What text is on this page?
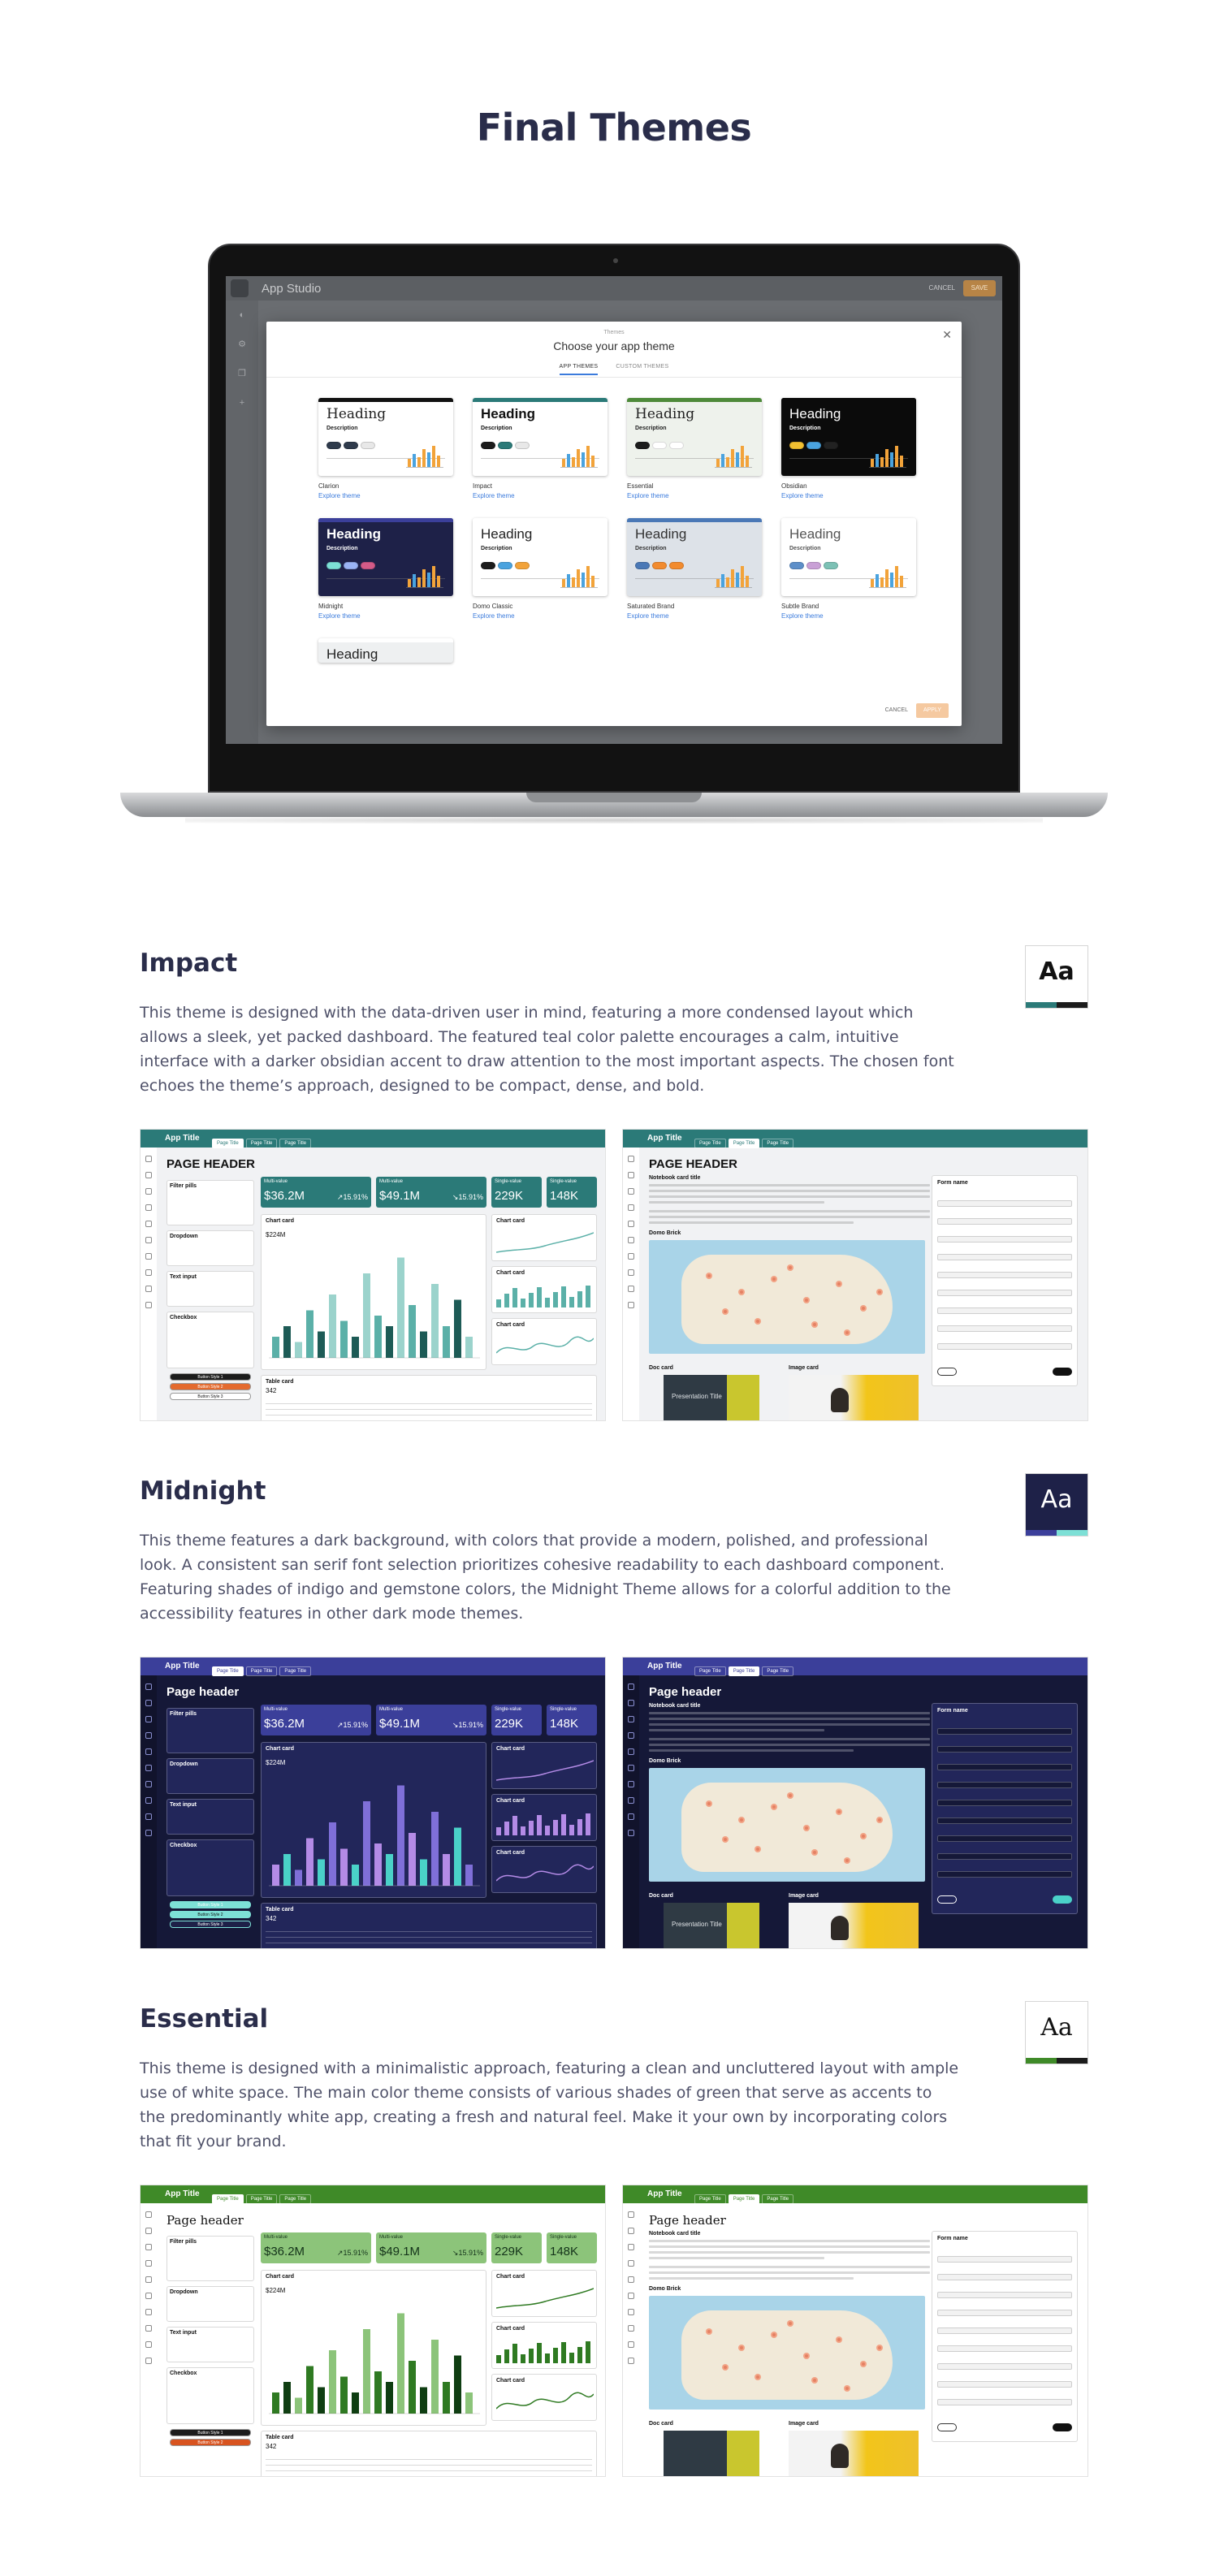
Final Themes
App Studio	CANCEL	SAVE
◐
⚙
❐
+
✕
Themes
Choose your app theme
APP THEMES	CUSTOM THEMES
Heading
Description
Clarion
Explore theme
Heading
Description
Impact
Explore theme
Heading
Description
Essential
Explore theme
Heading
Description
Obsidian
Explore theme
Heading
Description
Midnight
Explore theme
Heading
Description
Domo Classic
Explore theme
Heading
Description
Saturated Brand
Explore theme
Heading
Description
Subtle Brand
Explore theme
Heading
CANCEL	APPLY
Impact
This theme is designed with the data-driven user in mind, featuring a more condensed layout which allows a sleek, yet packed dashboard. The featured teal color palette encourages a calm, intuitive interface with a darker obsidian accent to draw attention to the most important aspects. The chosen font echoes the theme’s approach, designed to be compact, dense, and bold.
Aa
App Title
Page Title	Page Title	Page Title
PAGE HEADER
Filter pills
Dropdown
Text input
Checkbox
Button Style 1
Button Style 2
Button Style 3
Multi-value
$36.2M	↗15.91%
Multi-value
$49.1M	↘15.91%
Single-value
229K
Single-value
148K
Chart card
$224M
Chart card
Chart card
Chart card
Table card
342
App Title
Page Title	Page Title	Page Title
PAGE HEADER
Notebook card title
Domo Brick
Form name
Doc card	Image card
Presentation Title
Midnight
This theme features a dark background, with colors that provide a modern, polished, and professional look. A consistent san serif font selection prioritizes cohesive readability to each dashboard component. Featuring shades of indigo and gemstone colors, the Midnight Theme allows for a colorful addition to the accessibility features in other dark mode themes.
Aa
App Title
Page Title	Page Title	Page Title
Page header
Filter pills
Dropdown
Text input
Checkbox
Button Style 1
Button Style 2
Button Style 3
Multi-value
$36.2M	↗15.91%
Multi-value
$49.1M	↘15.91%
Single-value
229K
Single-value
148K
Chart card
$224M
Chart card
Chart card
Chart card
Table card
342
App Title
Page Title	Page Title	Page Title
Page header
Notebook card title
Domo Brick
Form name
Doc card	Image card
Presentation Title
Essential
This theme is designed with a minimalistic approach, featuring a clean and uncluttered layout with ample use of white space. The main color theme consists of various shades of green that serve as accents to the predominantly white app, creating a fresh and natural feel. Make it your own by incorporating colors that fit your brand.
Aa
App Title
Page Title	Page Title	Page Title
Page header
Filter pills
Dropdown
Text input
Checkbox
Button Style 1
Button Style 2
Multi-value
$36.2M	↗15.91%
Multi-value
$49.1M	↘15.91%
Single-value
229K
Single-value
148K
Chart card
$224M
Chart card
Chart card
Chart card
Table card
342
App Title
Page Title	Page Title	Page Title
Page header
Notebook card title
Domo Brick
Form name
Doc card	Image card
